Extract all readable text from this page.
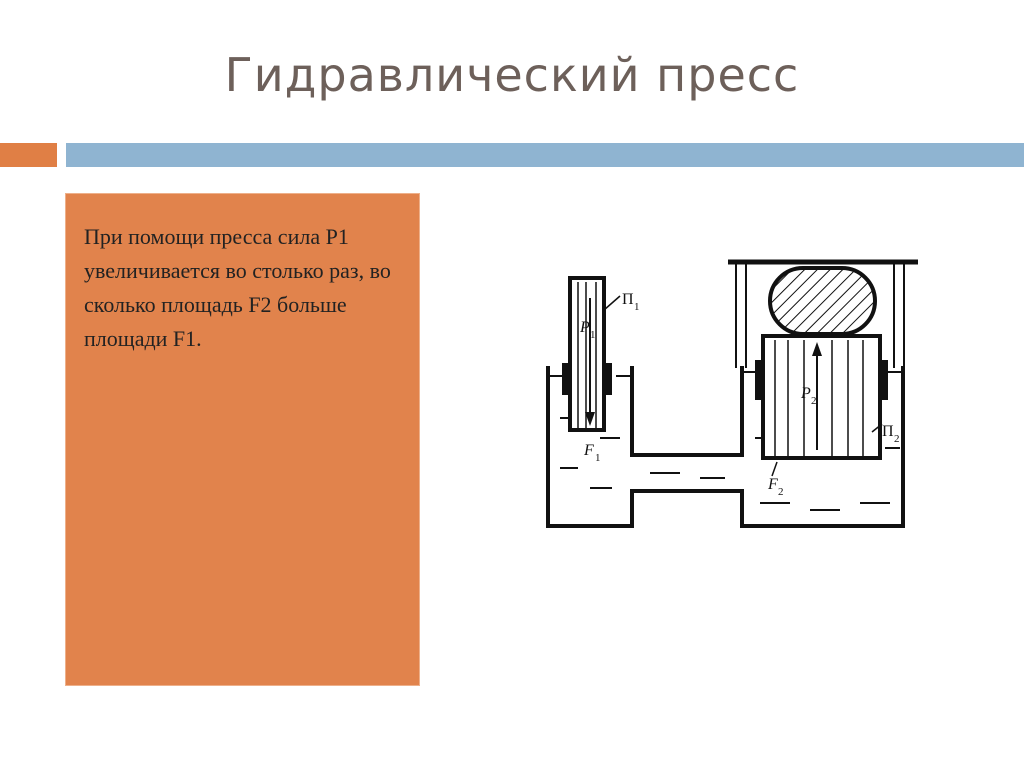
Гидравлический пресс

При помощи пресса сила P1 увеличивается во столько раз, во сколько площадь F2 больше площади F1.	P 1
П 1
F 1
P 2
П 2
F 2
